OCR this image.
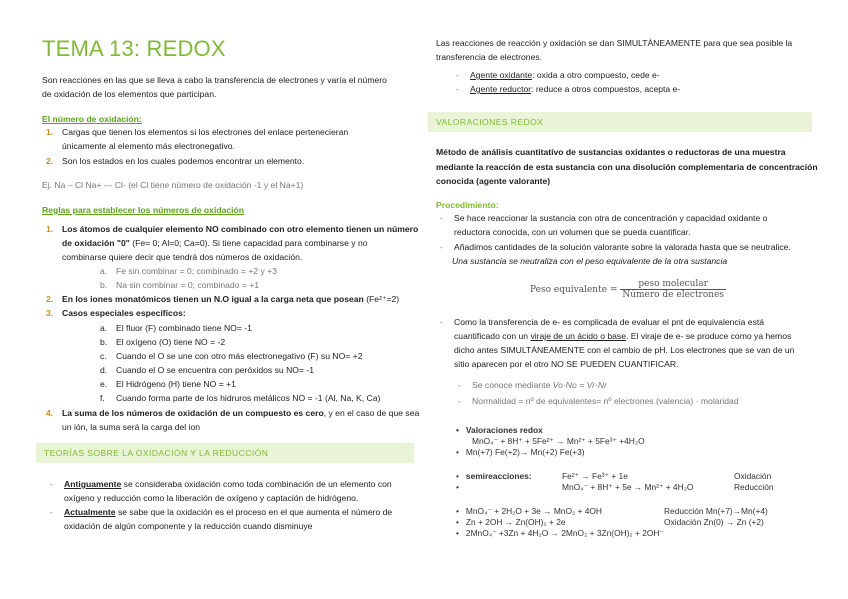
TEMA 13: REDOX
Son reacciones en las que se lleva a cabo la transferencia de electrones y varía el número
de oxidación de los elementos que participan.
El número de oxidación:
1. Cargas que tienen los elementos si los electrones del enlace pertenecieran
únicamente al elemento más electronegativo.
2. Son los estados en los cuales podemos encontrar un elemento.
Ej. Na – Cl Na+ --- Cl- (el Cl tiene número de oxidación -1 y el Na+1)
Reglas para establecer los números de oxidación
1. Los átomos de cualquier elemento NO combinado con otro elemento tienen un número
de oxidación "0" (Fe= 0; Al=0; Ca=0). Si tiene capacidad para combinarse y no
combinarse quiere decir que tendrá dos números de oxidación.
a. Fe sin combinar = 0; combinado = +2 y +3
b. Na sin combinar = 0; combinado = +1
2. En los iones monatómicos tienen un N.O igual a la carga neta que posean (Fe²⁺=2)
3. Casos especiales específicos:
a. El fluor (F) combinado tiene NO= -1
b. El oxígeno (O) tiene NO = -2
c. Cuando el O se une con otro más electronegativo (F) su NO= +2
d. Cuando el O se encuentra con peróxidos su NO= -1
e. El Hidrógeno (H) tiene NO = +1
f. Cuando forma parte de los hidruros metálicos NO = -1 (Al, Na, K, Ca)
4. La suma de los números de oxidación de un compuesto es cero, y en el caso de que sea
un ión, la suma será la carga del ion
TEORÍAS SOBRE LA OXIDACIÓN Y LA REDUCCIÓN
- Antiguamente se consideraba oxidación como toda combinación de un elemento con
oxígeno y reducción como la liberación de oxígeno y captación de hidrógeno.
- Actualmente se sabe que la oxidación es el proceso en el que aumenta el número de
oxidación de algún componente y la reducción cuando disminuye
Las reacciones de reacción y oxidación se dan SIMULTÁNEAMENTE para que sea posible la
transferencia de electrones.
- Agente oxidante: oxida a otro compuesto, cede e-
- Agente reductor: reduce a otros compuestos, acepta e-
VALORACIONES REDOX
Método de análisis cuantitativo de sustancias oxidantes o reductoras de una muestra
mediante la reacción de esta sustancia con una disolución complementaria de concentración
conocida (agente valorante)
Procedimiento:
- Se hace reaccionar la sustancia con otra de concentración y capacidad oxidante o
reductora conocida, con un volumen que se pueda cuantificar.
- Añadimos cantidades de la solución valorante sobre la valorada hasta que se neutralice.
Una sustancia se neutraliza con el peso equivalente de la otra sustancia
Peso equivalente = $\frac{\text{peso molecular}}{\text{Número de electrones}}$
- Como la transferencia de e- es complicada de evaluar el pnt de equivalencia está
cuantificado con un viraje de un ácido o base. El viraje de e- se produce como ya hemos
dicho antes SIMULTÁNEAMENTE con el cambio de pH. Los electrones que se van de un
sitio aparecen por el otro NO SE PUEDEN CUANTIFICAR.
- Se conoce mediante Vo·No = Vr·Nr
- Normalidad = nº de equivalentes= nº electrones (valencia) · molaridad
•   Valoraciones redox
MnO₄⁻ + 8H⁺ + 5Fe²⁺ → Mn²⁺ + 5Fe³⁺ +4H₂O
•   Mn(+7) Fe(+2)→ Mn(+2) Fe(+3)
•   semireacciones:	Fe²⁺ → Fe³⁺ + 1e	Oxidación
•	MnO₄⁻ + 8H⁺ + 5e → Mn²⁺ + 4H₂O	Reducción
•   MnO₄⁻ + 2H₂O + 3e → MnO₂ + 4OH	Reducción Mn(+7)→Mn(+4)
•   Zn + 2OH → Zn(OH)₂ + 2e	Oxidación Zn(0) → Zn (+2)
•   2MnO₄⁻ +3Zn + 4H₂O → 2MnO₂ + 3Zn(OH)₂ + 2OH⁻
